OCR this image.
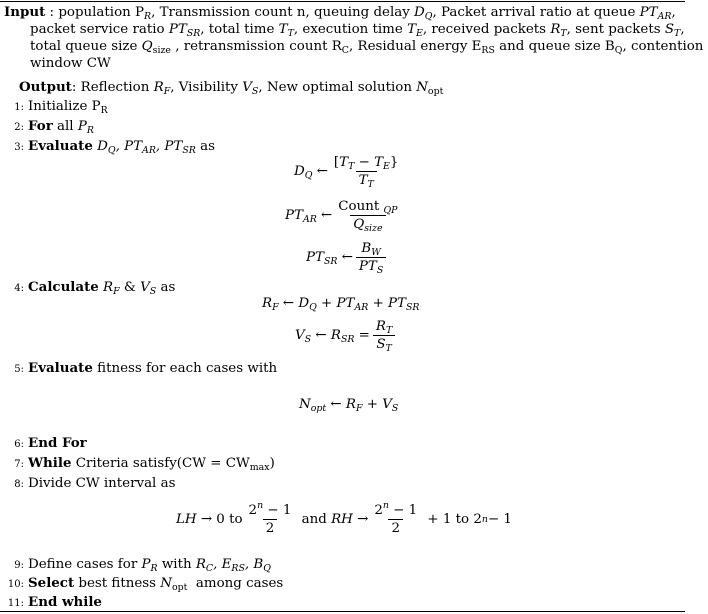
Input : population $P_R$, Transmission count n, queuing delay $D_Q$, Packet arrival ratio at queue $PT_{AR}$, packet service ratio $PT_{SR}$, total time $T_T$, execution time $T_E$, received packets $R_T$, sent packets $S_T$, total queue size $Q_{size}$ , retransmission count $R_C$, Residual energy $E_{RS}$ and queue size $B_Q$, contention window CW
Output: Reflection $R_F$, Visibility $V_S$, New optimal solution $N_{opt}$
1: Initialize $P_R$
2: For all $P_R$
3: Evaluate $D_Q$, $PT_{AR}$, $PT_{SR}$ as
$D_Q$ ← $\frac{[T_T - T_E\}}{T_T}$
$PT_{AR}$ ← $\frac{Count _{QP}}{Q_{size}}$
$PT_{SR}$ ← $\frac{B_W}{PT_S}$
4: Calculate $R_F$ & $V_S$ as
$R_F$ ← $D_Q + PT_{AR} + PT_{SR}$
$V_S$ ← $R_{SR} = \frac{R_T}{S_T}$
5: Evaluate fitness for each cases with
$N_{opt}$ ← $R_F + V_S$
6: End For
7: While Criteria satisfy(CW = $CW_{max}$)
8: Divide CW interval as
LH → 0 to $\frac{2^n - 1}{2}$ and RH → $\frac{2^n - 1}{2} + 1$ to 2 n − 1
9: Define cases for $P_R$ with $R_C$, $E_{RS}$, $B_Q$
10: Select best fitness $N_{opt}$  among cases
11: End while
